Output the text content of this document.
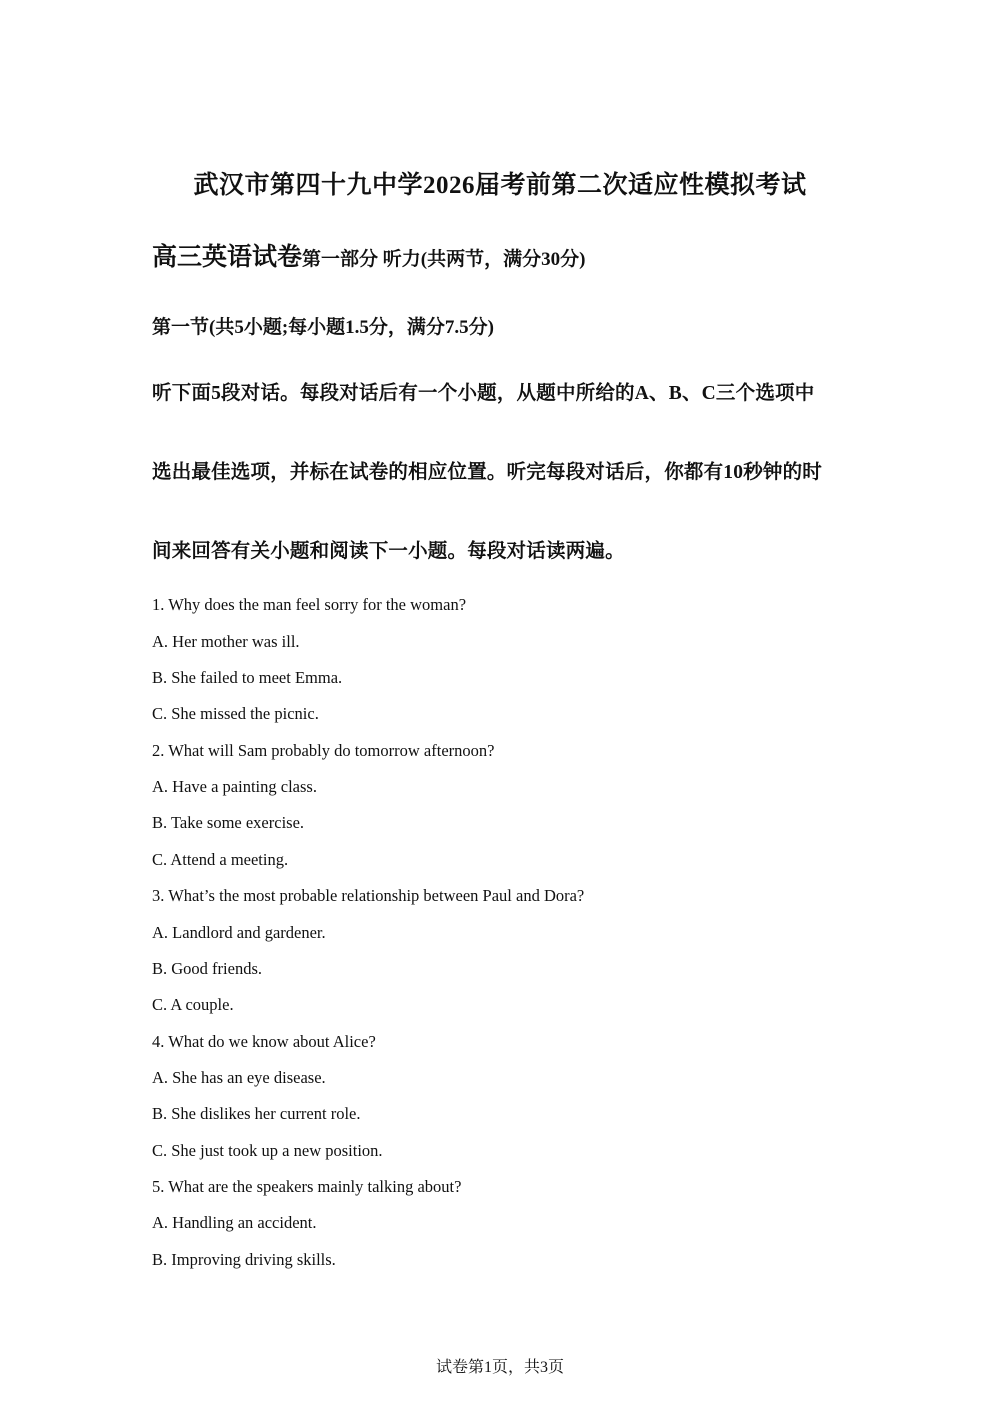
武汉市第四十九中学2026届考前第二次适应性模拟考试
高三英语试卷第一部分 听力(共两节，满分30分)
第一节(共5小题;每小题1.5分，满分7.5分)
听下面5段对话。每段对话后有一个小题，从题中所给的A、B、C三个选项中
选出最佳选项，并标在试卷的相应位置。听完每段对话后，你都有10秒钟的时
间来回答有关小题和阅读下一小题。每段对话读两遍。
1. Why does the man feel sorry for the woman?
A. Her mother was ill.
B. She failed to meet Emma.
C. She missed the picnic.
2. What will Sam probably do tomorrow afternoon?
A. Have a painting class.
B. Take some exercise.
C. Attend a meeting.
3. What’s the most probable relationship between Paul and Dora?
A. Landlord and gardener.
B. Good friends.
C. A couple.
4. What do we know about Alice?
A. She has an eye disease.
B. She dislikes her current role.
C. She just took up a new position.
5. What are the speakers mainly talking about?
A. Handling an accident.
B. Improving driving skills.
试卷第1页，共3页
